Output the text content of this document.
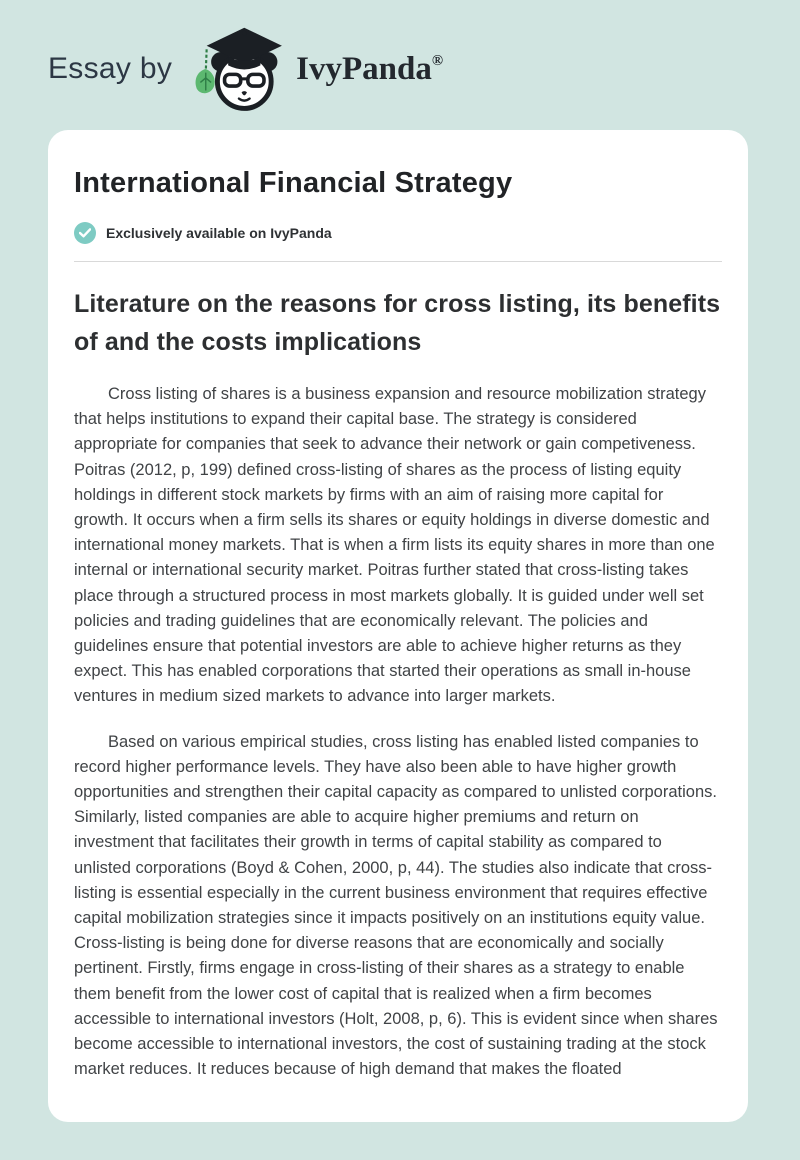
Essay by	IvyPanda®
International Financial Strategy
Exclusively available on IvyPanda
Literature on the reasons for cross listing, its benefits of and the costs implications

Cross listing of shares is a business expansion and resource mobilization strategy that helps institutions to expand their capital base. The strategy is considered appropriate for companies that seek to advance their network or gain competiveness. Poitras (2012, p, 199) defined cross-listing of shares as the process of listing equity holdings in different stock markets by firms with an aim of raising more capital for growth. It occurs when a firm sells its shares or equity holdings in diverse domestic and international money markets. That is when a firm lists its equity shares in more than one internal or international security market. Poitras further stated that cross-listing takes place through a structured process in most markets globally. It is guided under well set policies and trading guidelines that are economically relevant. The policies and guidelines ensure that potential investors are able to achieve higher returns as they expect. This has enabled corporations that started their operations as small in-house ventures in medium sized markets to advance into larger markets.

Based on various empirical studies, cross listing has enabled listed companies to record higher performance levels. They have also been able to have higher growth opportunities and strengthen their capital capacity as compared to unlisted corporations. Similarly, listed companies are able to acquire higher premiums and return on investment that facilitates their growth in terms of capital stability as compared to unlisted corporations (Boyd & Cohen, 2000, p, 44). The studies also indicate that cross-listing is essential especially in the current business environment that requires effective capital mobilization strategies since it impacts positively on an institutions equity value. Cross-listing is being done for diverse reasons that are economically and socially pertinent. Firstly, firms engage in cross-listing of their shares as a strategy to enable them benefit from the lower cost of capital that is realized when a firm becomes accessible to international investors (Holt, 2008, p, 6). This is evident since when shares become accessible to international investors, the cost of sustaining trading at the stock market reduces. It reduces because of high demand that makes the floated
